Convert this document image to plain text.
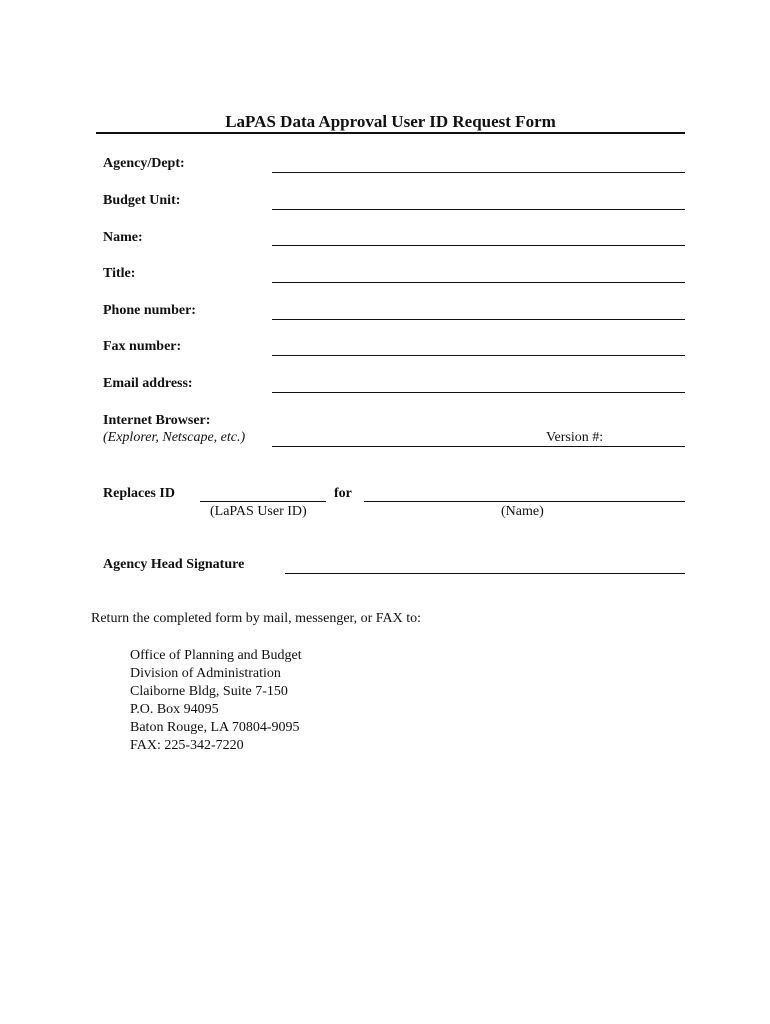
LaPAS Data Approval User ID Request Form
Agency/Dept:
Budget Unit:
Name:
Title:
Phone number:
Fax number:
Email address:
Internet Browser:
(Explorer, Netscape, etc.)	Version #:
Replaces ID	for
(LaPAS User ID)	(Name)
Agency Head Signature
Return the completed form by mail, messenger, or FAX to:
Office of Planning and Budget
Division of Administration
Claiborne Bldg, Suite 7-150
P.O. Box 94095
Baton Rouge, LA 70804-9095
FAX: 225-342-7220
